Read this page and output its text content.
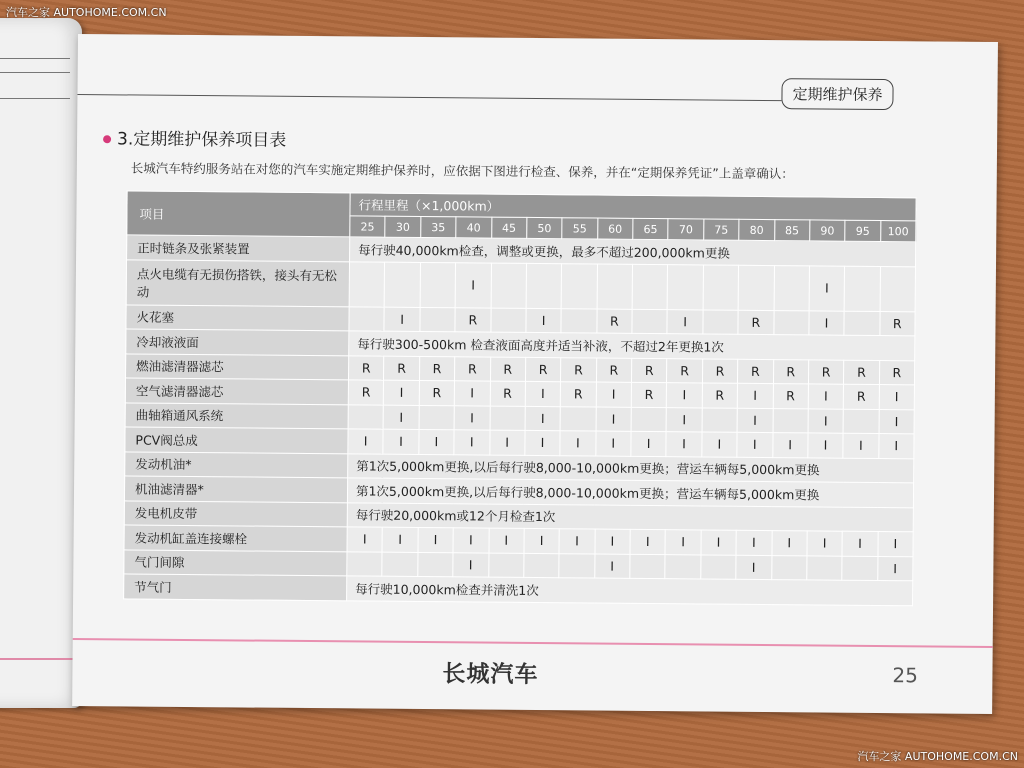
汽车之家 AUTOHOME.COM.CN
汽车之家 AUTOHOME.COM.CN
定期维护保养
3.定期维护保养项目表
长城汽车特约服务站在对您的汽车实施定期维护保养时，应依据下图进行检查、保养，并在“定期保养凭证”上盖章确认：
项目	行程里程（×1,000km）															
	25	30	35	40	45	50	55	60	65	70	75	80	85	90	95	100
正时链条及张紧装置	每行驶40,000km检查，调整或更换，最多不超过200,000km更换															
点火电缆有无损伤搭铁，接头有无松动				I										I		
火花塞		I		R		I		R		I		R		I		R
冷却液液面	每行驶300-500km 检查液面高度并适当补液，不超过2年更换1次															
燃油滤清器滤芯	R	R	R	R	R	R	R	R	R	R	R	R	R	R	R	R
空气滤清器滤芯	R	I	R	I	R	I	R	I	R	I	R	I	R	I	R	I
曲轴箱通风系统		I		I		I		I		I		I		I		I
PCV阀总成	I	I	I	I	I	I	I	I	I	I	I	I	I	I	I	I
发动机油*	第1次5,000km更换,以后每行驶8,000-10,000km更换；营运车辆每5,000km更换															
机油滤清器*	第1次5,000km更换,以后每行驶8,000-10,000km更换；营运车辆每5,000km更换															
发电机皮带	每行驶20,000km或12个月检查1次															
发动机缸盖连接螺栓	I	I	I	I	I	I	I	I	I	I	I	I	I	I	I	I
气门间隙				I				I				I				I
节气门	每行驶10,000km检查并清洗1次															
长城汽车	25
